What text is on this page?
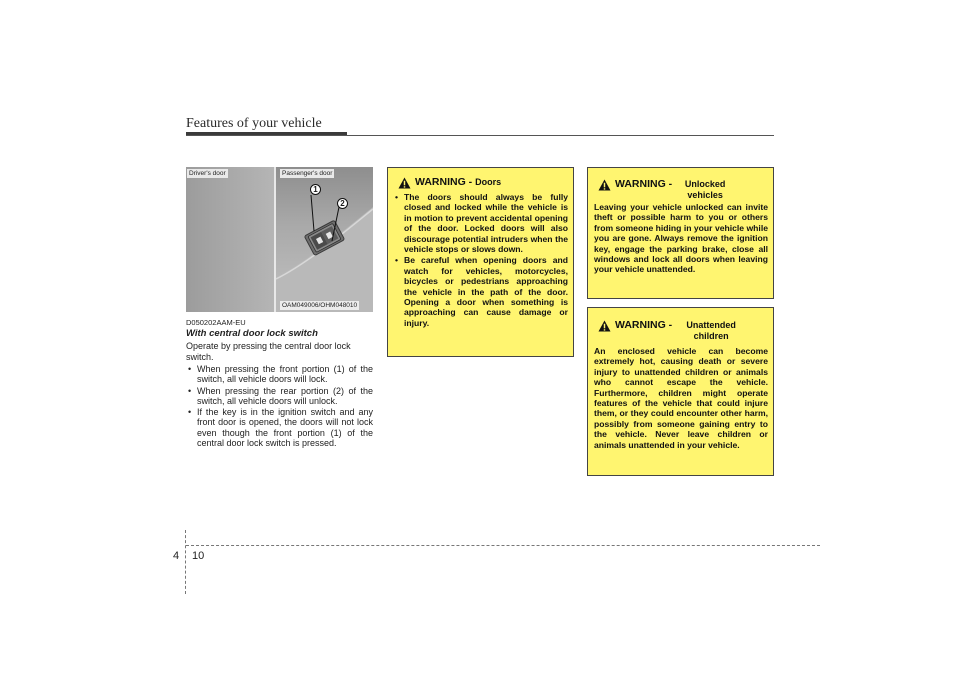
Features of your vehicle
Driver's door	Passenger's door
1
2
OAM049006/OHM048010
D050202AAM-EU
With central door lock switch
Operate by pressing the central door lock switch.
• When pressing the front portion (1) of the switch, all vehicle doors will lock.
• When pressing the rear portion (2) of the switch, all vehicle doors will unlock.
• If the key is in the ignition switch and any front door is opened, the doors will not lock even though the front portion (1) of the central door lock switch is pressed.
WARNING - Doors
• The doors should always be fully closed and locked while the vehicle is in motion to prevent accidental opening of the door. Locked doors will also discourage potential intruders when the vehicle stops or slows down.
• Be careful when opening doors and watch for vehicles, motorcycles, bicycles or pedestrians approaching the vehicle in the path of the door. Opening a door when something is approaching can cause damage or injury.
WARNING -	Unlocked vehicles

Leaving your vehicle unlocked can invite theft or possible harm to you or others from someone hiding in your vehicle while you are gone. Always remove the ignition key, engage the parking brake, close all windows and lock all doors when leaving your vehicle unattended.

WARNING -	Unattended children

An enclosed vehicle can become extremely hot, causing death or severe injury to unattended children or animals who cannot escape the vehicle. Furthermore, children might operate features of the vehicle that could injure them, or they could encounter other harm, possibly from someone gaining entry to the vehicle. Never leave children or animals unattended in your vehicle.

4 10
